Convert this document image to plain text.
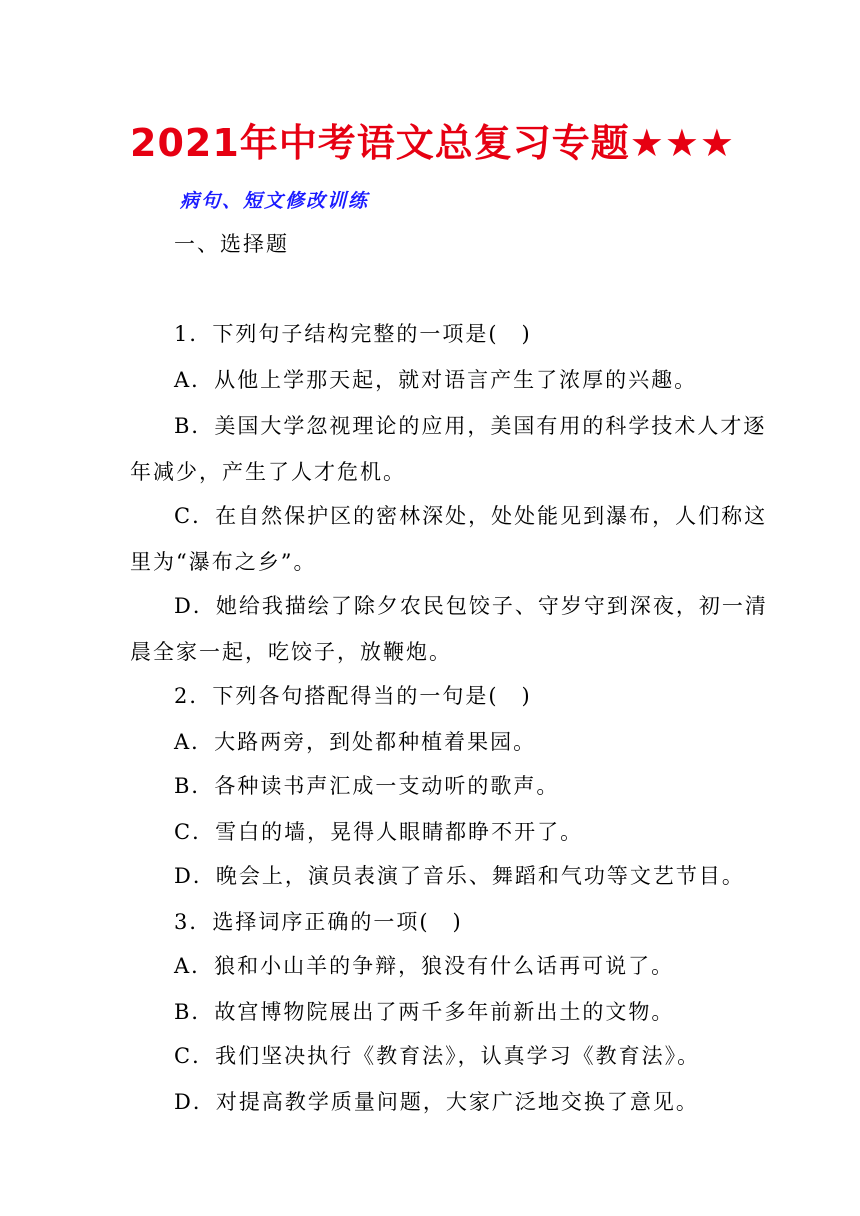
2021年中考语文总复习专题★★★
病句、短文修改训练
一、选择题
1．下列句子结构完整的一项是(　)
A．从他上学那天起，就对语言产生了浓厚的兴趣。
B．美国大学忽视理论的应用，美国有用的科学技术人才逐
年减少，产生了人才危机。
C．在自然保护区的密林深处，处处能见到瀑布，人们称这
里为“瀑布之乡”。
D．她给我描绘了除夕农民包饺子、守岁守到深夜，初一清
晨全家一起，吃饺子，放鞭炮。
2．下列各句搭配得当的一句是(　)
A．大路两旁，到处都种植着果园。
B．各种读书声汇成一支动听的歌声。
C．雪白的墙，晃得人眼睛都睁不开了。
D．晚会上，演员表演了音乐、舞蹈和气功等文艺节目。
3．选择词序正确的一项(　)
A．狼和小山羊的争辩，狼没有什么话再可说了。
B．故宫博物院展出了两千多年前新出土的文物。
C．我们坚决执行《教育法》，认真学习《教育法》。
D．对提高教学质量问题，大家广泛地交换了意见。
